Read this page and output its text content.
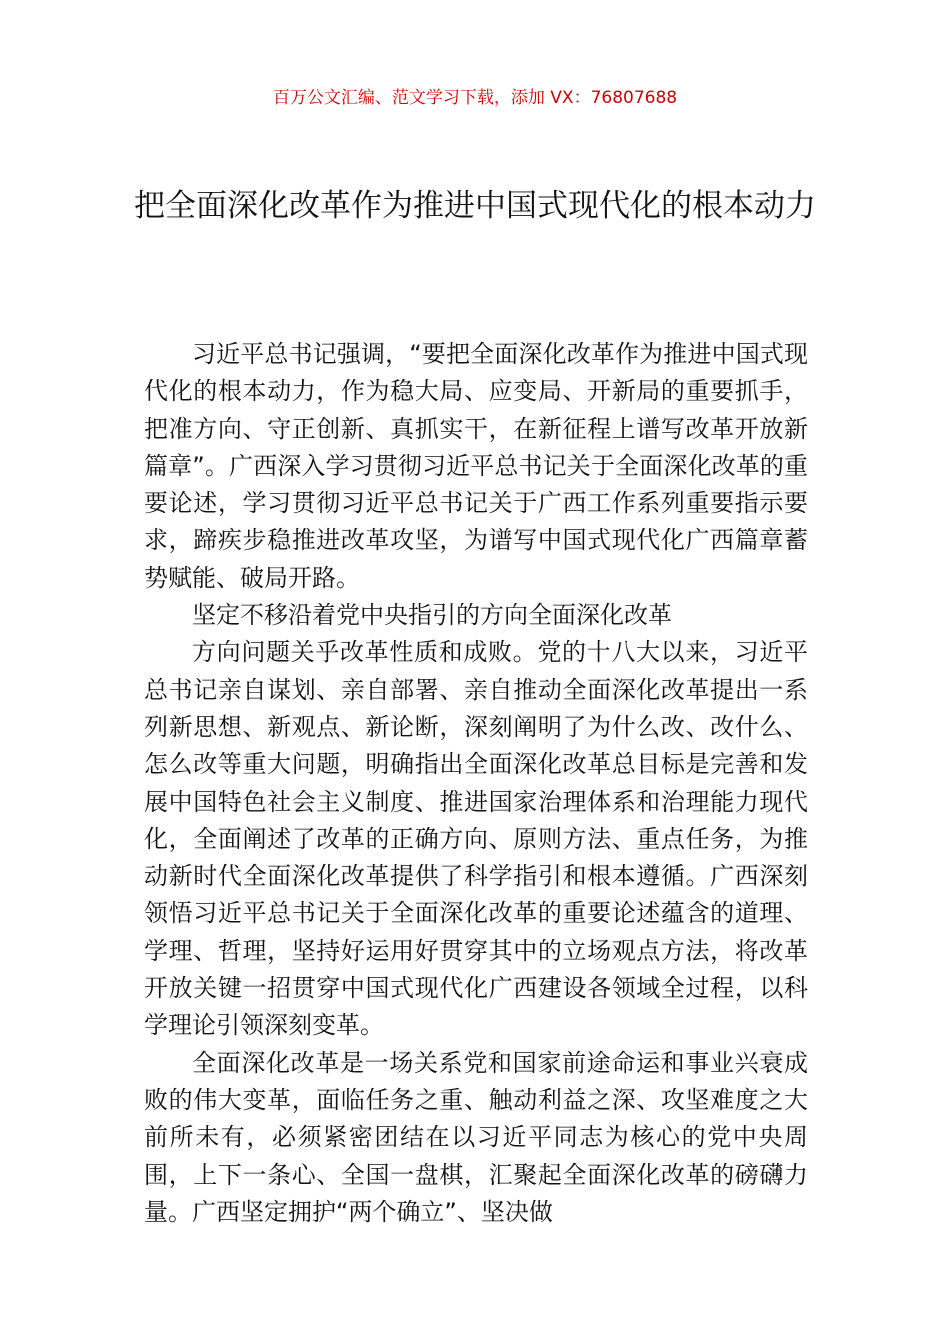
百万公文汇编、范文学习下载，添加 VX：76807688
把全面深化改革作为推进中国式现代化的根本动力

习近平总书记强调，“要把全面深化改革作为推进中国式现代化的根本动力，作为稳大局、应变局、开新局的重要抓手，把准方向、守正创新、真抓实干，在新征程上谱写改革开放新篇章”。广西深入学习贯彻习近平总书记关于全面深化改革的重要论述，学习贯彻习近平总书记关于广西工作系列重要指示要求，蹄疾步稳推进改革攻坚，为谱写中国式现代化广西篇章蓄势赋能、破局开路。

坚定不移沿着党中央指引的方向全面深化改革

方向问题关乎改革性质和成败。党的十八大以来，习近平总书记亲自谋划、亲自部署、亲自推动全面深化改革提出一系列新思想、新观点、新论断，深刻阐明了为什么改、改什么、怎么改等重大问题，明确指出全面深化改革总目标是完善和发展中国特色社会主义制度、推进国家治理体系和治理能力现代化，全面阐述了改革的正确方向、原则方法、重点任务，为推动新时代全面深化改革提供了科学指引和根本遵循。广西深刻领悟习近平总书记关于全面深化改革的重要论述蕴含的道理、学理、哲理，坚持好运用好贯穿其中的立场观点方法，将改革开放关键一招贯穿中国式现代化广西建设各领域全过程，以科学理论引领深刻变革。

全面深化改革是一场关系党和国家前途命运和事业兴衰成败的伟大变革，面临任务之重、触动利益之深、攻坚难度之大前所未有，必须紧密团结在以习近平同志为核心的党中央周围，上下一条心、全国一盘棋，汇聚起全面深化改革的磅礴力量。广西坚定拥护“两个确立”、坚决做
